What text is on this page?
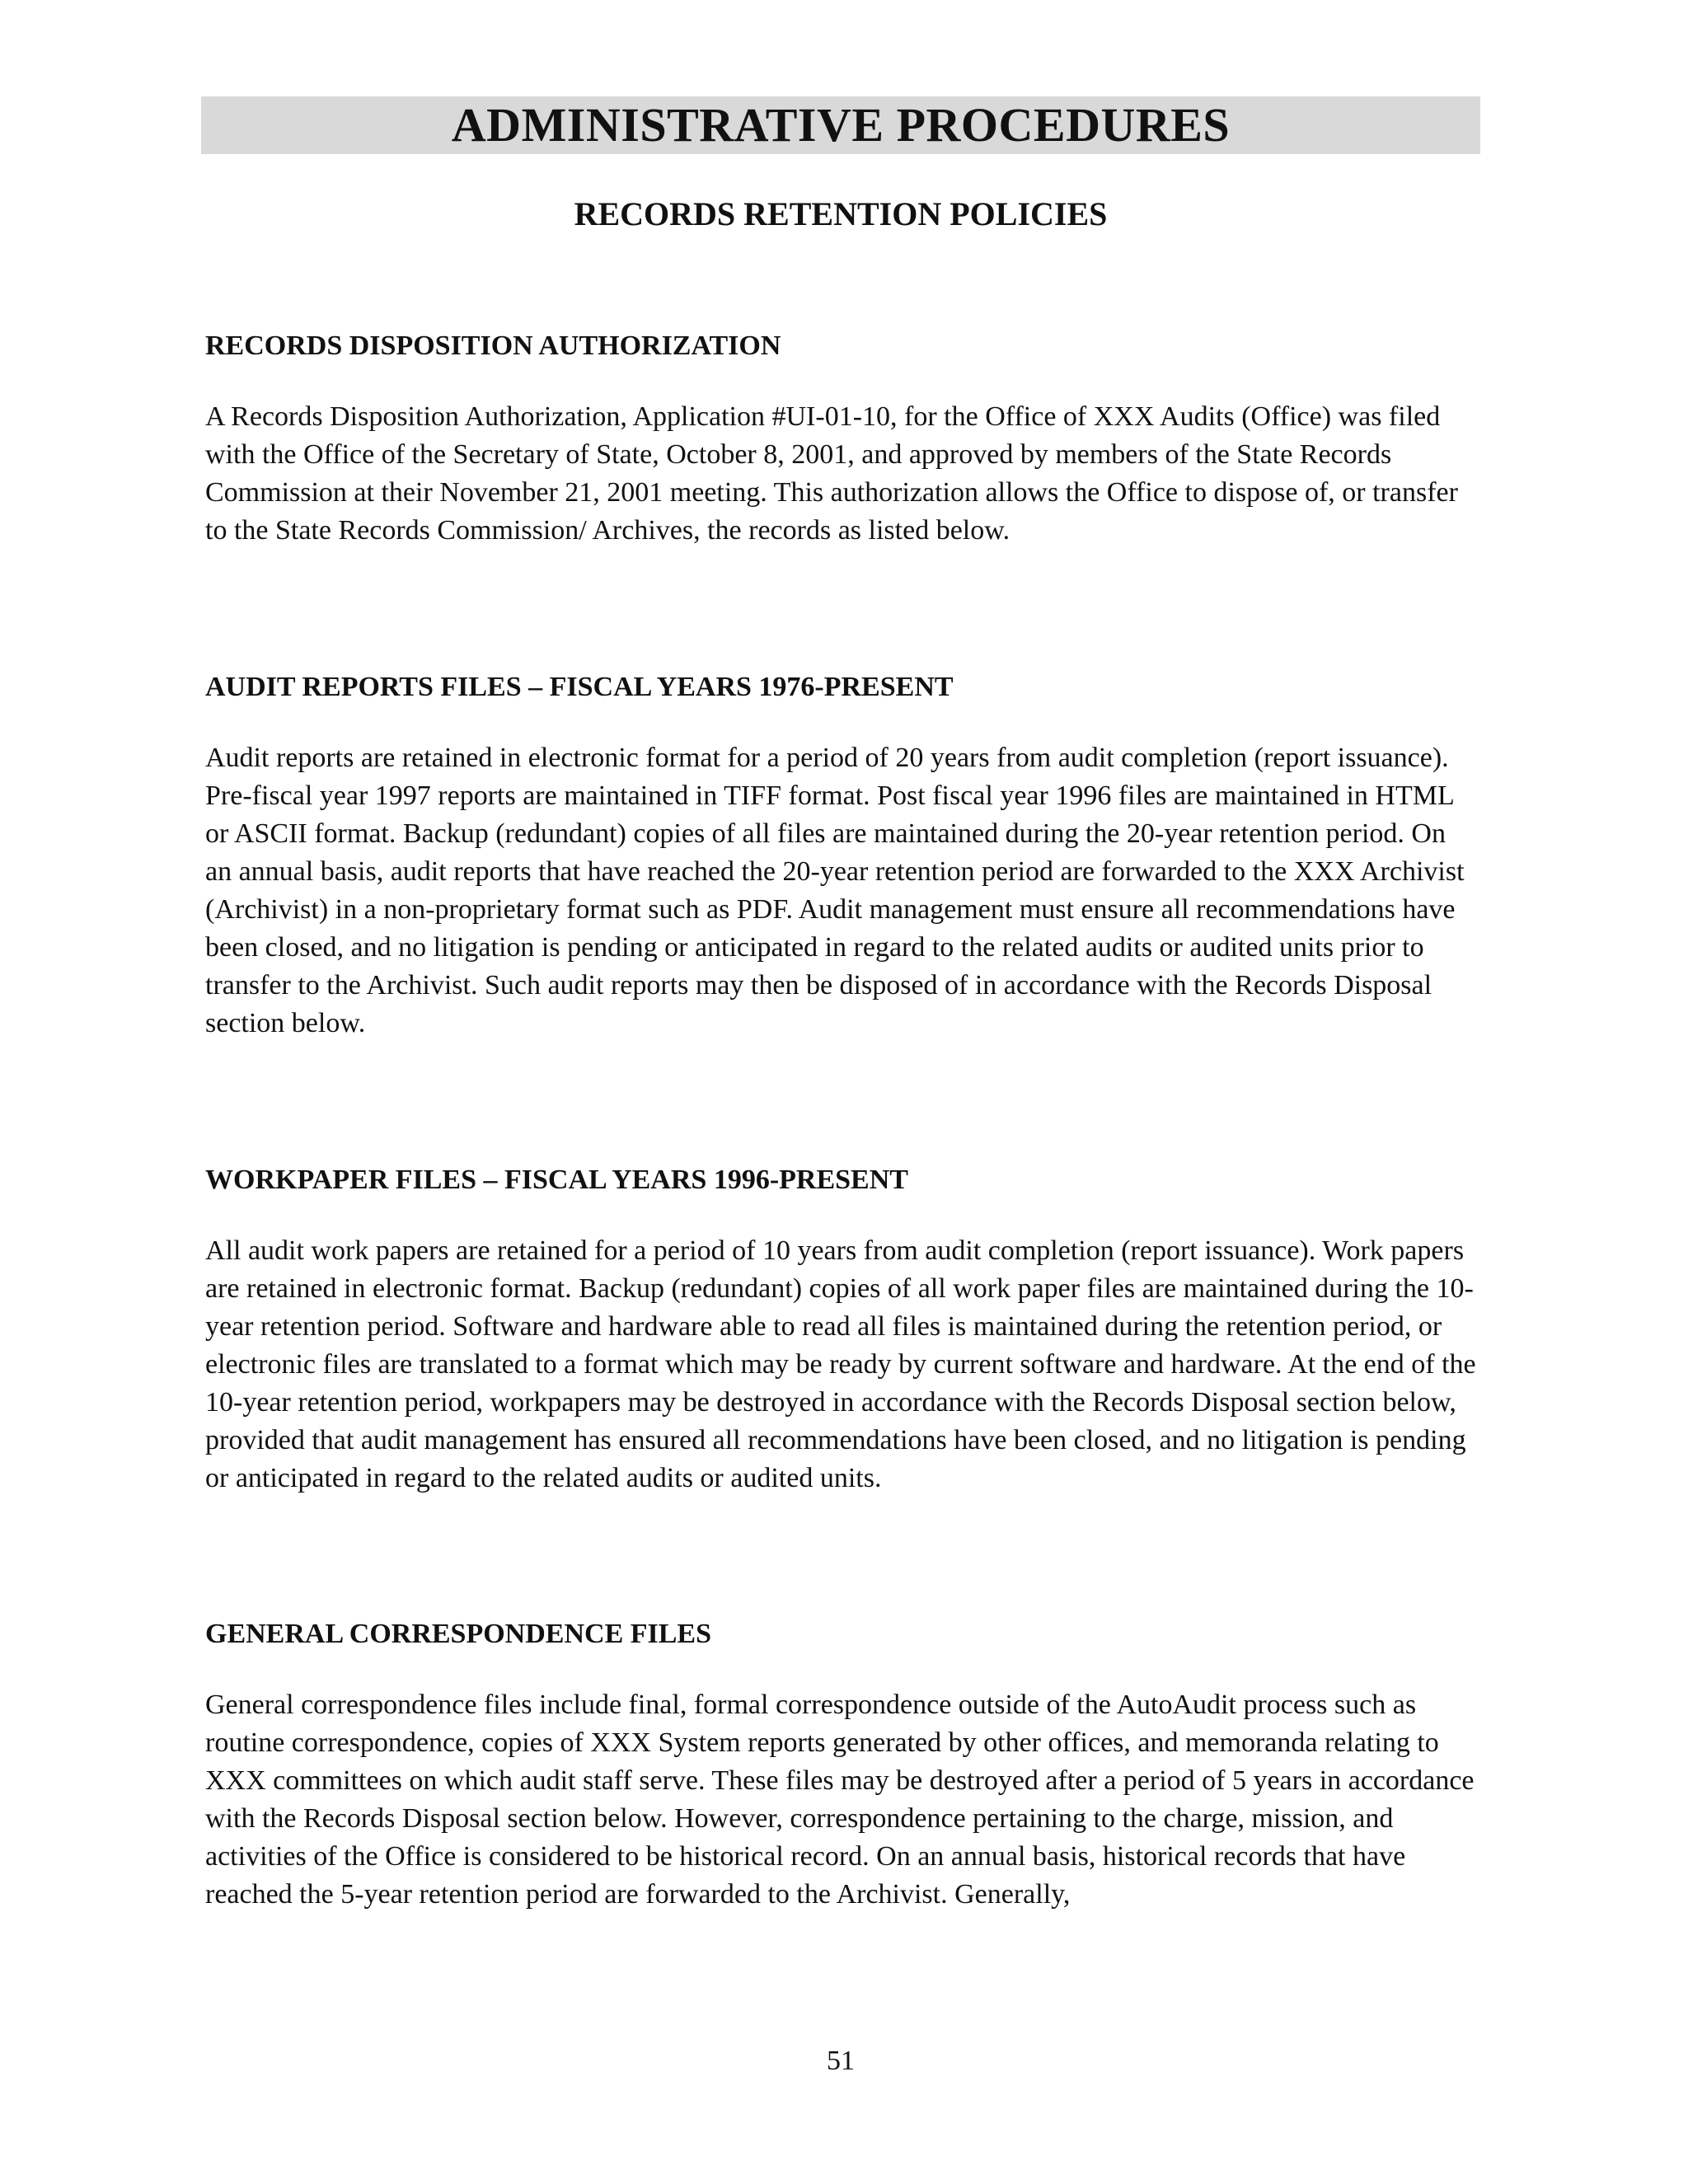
ADMINISTRATIVE PROCEDURES
RECORDS RETENTION POLICIES
RECORDS DISPOSITION AUTHORIZATION

A Records Disposition Authorization, Application #UI-01-10, for the Office of XXX Audits (Office) was filed with the Office of the Secretary of State, October 8, 2001, and approved by members of the State Records Commission at their November 21, 2001 meeting. This authorization allows the Office to dispose of, or transfer to the State Records Commission/ Archives, the records as listed below.

AUDIT REPORTS FILES – FISCAL YEARS 1976-PRESENT

Audit reports are retained in electronic format for a period of 20 years from audit completion (report issuance). Pre-fiscal year 1997 reports are maintained in TIFF format. Post fiscal year 1996 files are maintained in HTML or ASCII format. Backup (redundant) copies of all files are maintained during the 20-year retention period. On an annual basis, audit reports that have reached the 20-year retention period are forwarded to the XXX Archivist (Archivist) in a non-proprietary format such as PDF. Audit management must ensure all recommendations have been closed, and no litigation is pending or anticipated in regard to the related audits or audited units prior to transfer to the Archivist. Such audit reports may then be disposed of in accordance with the Records Disposal section below.

WORKPAPER FILES – FISCAL YEARS 1996-PRESENT

All audit work papers are retained for a period of 10 years from audit completion (report issuance). Work papers are retained in electronic format. Backup (redundant) copies of all work paper files are maintained during the 10-year retention period. Software and hardware able to read all files is maintained during the retention period, or electronic files are translated to a format which may be ready by current software and hardware. At the end of the 10-year retention period, workpapers may be destroyed in accordance with the Records Disposal section below, provided that audit management has ensured all recommendations have been closed, and no litigation is pending or anticipated in regard to the related audits or audited units.

GENERAL CORRESPONDENCE FILES

General correspondence files include final, formal correspondence outside of the AutoAudit process such as routine correspondence, copies of XXX System reports generated by other offices, and memoranda relating to XXX committees on which audit staff serve. These files may be destroyed after a period of 5 years in accordance with the Records Disposal section below. However, correspondence pertaining to the charge, mission, and activities of the Office is considered to be historical record. On an annual basis, historical records that have reached the 5-year retention period are forwarded to the Archivist. Generally,

51
